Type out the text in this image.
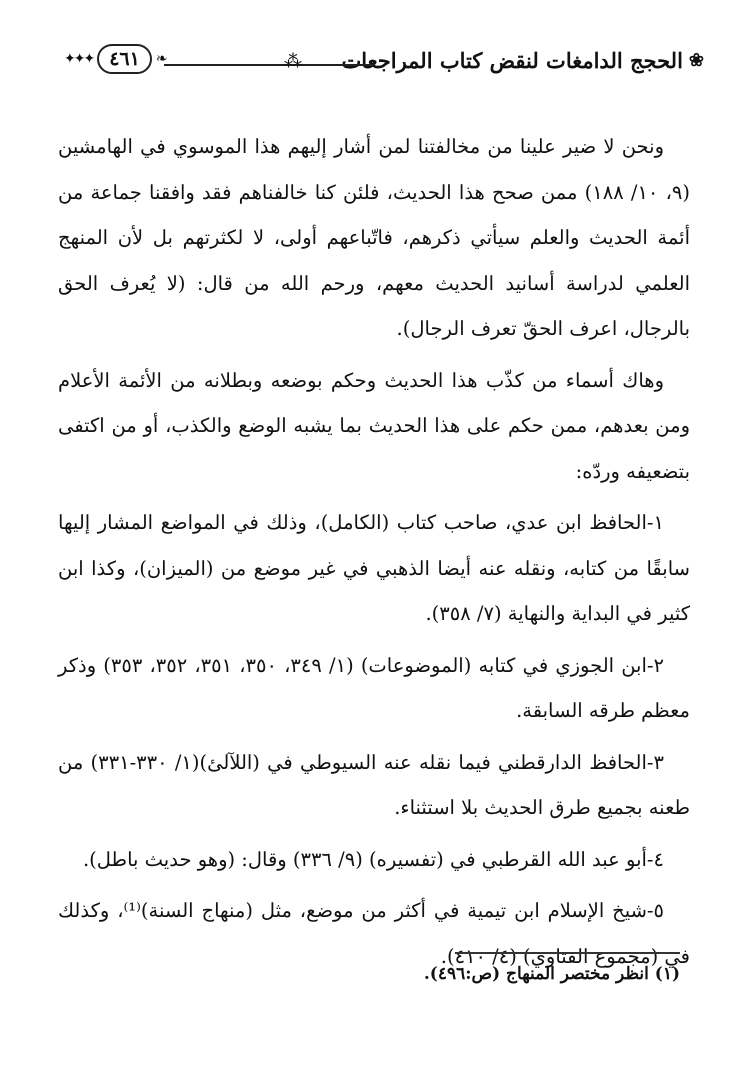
❀
الحجج الدامغات لنقض كتاب المراجعات
⁂
✦✦✦ ٤٦١	❧

ونحن لا ضير علينا من مخالفتنا لمن أشار إليهم هذا الموسوي في الهامشين (٩، ١٠/ ١٨٨) ممن صحح هذا الحديث، فلئن كنا خالفناهم فقد وافقنا جماعة من أئمة الحديث والعلم سيأتي ذكرهم، فاتّباعهم أولى، لا لكثرتهم بل لأن المنهج العلمي لدراسة أسانيد الحديث معهم، ورحم الله من قال: (لا يُعرف الحق بالرجال، اعرف الحقّ تعرف الرجال).

وهاك أسماء من كذّب هذا الحديث وحكم بوضعه وبطلانه من الأئمة الأعلام ومن بعدهم، ممن حكم على هذا الحديث بما يشبه الوضع والكذب، أو من اكتفى بتضعيفه وردّه:

١-الحافظ ابن عدي، صاحب كتاب (الكامل)، وذلك في المواضع المشار إليها سابقًا من كتابه، ونقله عنه أيضا الذهبي في غير موضع من (الميزان)، وكذا ابن كثير في البداية والنهاية (٧/ ٣٥٨).

٢-ابن الجوزي في كتابه (الموضوعات) (١/ ٣٤٩، ٣٥٠، ٣٥١، ٣٥٢، ٣٥٣) وذكر معظم طرقه السابقة.

٣-الحافظ الدارقطني فيما نقله عنه السيوطي في (اللآلئ)(١/ ٣٣٠-٣٣١) من طعنه بجميع طرق الحديث بلا استثناء.

٤-أبو عبد الله القرطبي في (تفسيره) (٩/ ٣٣٦) وقال: (وهو حديث باطل).

٥-شيخ الإسلام ابن تيمية في أكثر من موضع، مثل (منهاج السنة)⁽¹⁾، وكذلك في (مجموع الفتاوي) (٤/ ٤١٠).

(١) انظر مختصر المنهاج (ص:٤٩٦).
